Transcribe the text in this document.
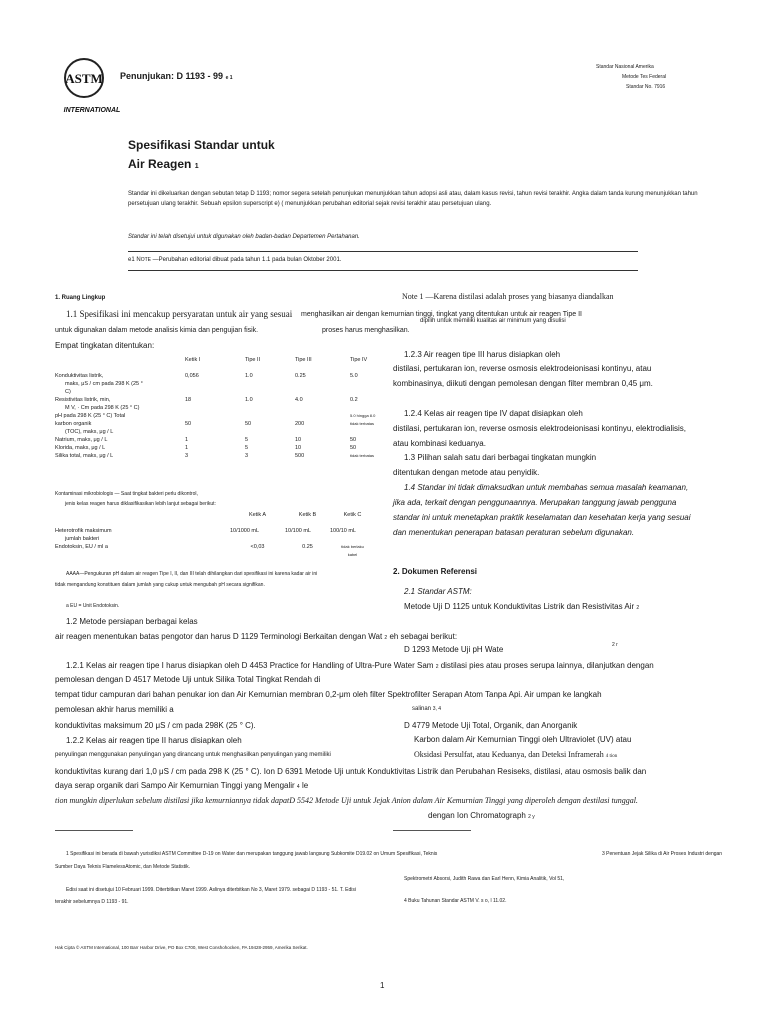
ASTM
INTERNATIONAL
Penunjukan: D 1193 - 99 e 1
Standar Nasional Amerika
Metode Tes Federal
Standar No. 7916
Spesifikasi Standar untuk
Air Reagen 1
Standar ini dikeluarkan dengan sebutan tetap D 1193; nomor segera setelah penunjukan menunjukkan tahun adopsi asli atau, dalam kasus revisi, tahun revisi terakhir. Angka dalam tanda kurung menunjukkan tahun persetujuan ulang terakhir. Sebuah epsilon superscript e) ( menunjukkan perubahan editorial sejak revisi terakhir atau persetujuan ulang.
Standar ini telah disetujui untuk digunakan oleh badan-badan Departemen Pertahanan.
e1 NOTE —Perubahan editorial dibuat pada tahun 1.1 pada bulan Oktober 2001.
1. Ruang Lingkup
1.1 Spesifikasi ini mencakup persyaratan untuk air yang sesuai menghasilkan air dengan kemurnian tinggi, tingkat yang ditentukan untuk air reagen Tipe II
untuk digunakan dalam metode analisis kimia dan pengujian fisik.	proses harus menghasilkan.
Empat tingkatan ditentukan:
	Ketik I	Tipe II	Tipe III	Tipe IV

Konduktivitas listrik,	0,056	1.0	0.25	5.0
maks, μS / cm pada 298 K (25 °				
C)				
Resistivitas listrik, min,	18	1.0	4.0	0.2
M V, · Cm pada 298 K (25 ° C)				
pH pada 298 K (25 ° C) Total				5.0 hingga 8.0
karbon organik	50	50	200	tidak terbatas
(TOC), maks, μg / L				
Natrium, maks, μg / L	1	5	10	50
Klorida, maks, μg / L	1	5	10	50
Silika total, maks, μg / L	3	3	500	tidak terbatas
Kontaminasi mikrobiologis — Saat tingkat bakteri perlu dikontrol,
jenis kelas reagen harus diklasifikasikan lebih lanjut sebagai berikut:
	Ketik A	Ketik B	Ketik C

Heterotrofik maksimum	10/1000 mL	10/100 mL	100/10 mL
jumlah bakteri			
Endotoksin, EU / ml a	<0,03	0.25	tidak berlaku
			kabel
AAAA—Pengukuran pH dalam air reagen Tipe I, II, dan III telah dihilangkan dari spesifikasi ini karena kadar air ini
tidak mengandung konstituen dalam jumlah yang cukup untuk mengubah pH secara signifikan.
a EU = Unit Endotoksin.
1.2 Metode persiapan berbagai kelas
air reagen menentukan batas pengotor dan harus D 1129 Terminologi Berkaitan dengan Wat 2 eh sebagai berikut:
1.2.1 Kelas air reagen tipe I harus disiapkan oleh D 4453 Practice for Handling of Ultra-Pure Water Sam 2 distilasi pies atau proses serupa lainnya, dilanjutkan dengan
pemolesan dengan D 4517 Metode Uji untuk Silika Total Tingkat Rendah di
tempat tidur campuran dari bahan penukar ion dan Air Kemurnian membran 0,2-μm oleh filter Spektrofilter Serapan Atom Tanpa Api. Air umpan ke langkah
pemolesan akhir harus memiliki a
konduktivitas maksimum 20 μS / cm pada 298K (25 ° C).
1.2.2 Kelas air reagen tipe II harus disiapkan oleh
penyulingan menggunakan penyulingan yang dirancang untuk menghasilkan penyulingan yang memiliki
konduktivitas kurang dari 1,0 μS / cm pada 298 K (25 ° C). Ion D 6391 Metode Uji untuk Konduktivitas Listrik dan Perubahan Resiseks, distilasi, atau osmosis balik dan
daya serap organik dari Sampo Air Kemurnian Tinggi yang Mengalir 4 le
tion mungkin diperlukan sebelum distilasi jika kemurniannya tidak dapatD 5542 Metode Uji untuk Jejak Anion dalam Air Kemurnian Tinggi yang diperoleh dengan destilasi tunggal.
dengan Ion Chromatograph 2 y
Note 1 —Karena distilasi adalah proses yang biasanya diandalkan
dipilih untuk memiliki kualitas air minimum yang disulisi
1.2.3 Air reagen tipe III harus disiapkan oleh
distilasi, pertukaran ion, reverse osmosis elektrodeionisasi kontinyu, atau
kombinasinya, diikuti dengan pemolesan dengan filter membran 0,45 μm.
1.2.4 Kelas air reagen tipe IV dapat disiapkan oleh
distilasi, pertukaran ion, reverse osmosis elektrodeionisasi kontinyu, elektrodialisis,
atau kombinasi keduanya.
1.3 Pilihan salah satu dari berbagai tingkatan mungkin
ditentukan dengan metode atau penyidik.
1.4 Standar ini tidak dimaksudkan untuk membahas semua masalah keamanan,
jika ada, terkait dengan penggunaannya. Merupakan tanggung jawab pengguna
standar ini untuk menetapkan praktik keselamatan dan kesehatan kerja yang sesuai
dan menentukan penerapan batasan peraturan sebelum digunakan.
2. Dokumen Referensi
2.1 Standar ASTM:
Metode Uji D 1125 untuk Konduktivitas Listrik dan Resistivitas Air 2
D 1293 Metode Uji pH Wate	2 r
salinan 3, 4
D 4779 Metode Uji Total, Organik, dan Anorganik
Karbon dalam Air Kemurnian Tinggi oleh Ultraviolet (UV) atau
Oksidasi Persulfat, atau Keduanya, dan Deteksi Inframerah 4 tion
1 Spesifikasi ini berada di bawah yurisdiksi ASTM Committee D-19 on Water dan merupakan tanggung jawab langsung Subkomite D19.02 on Umum Spesifikasi, Teknis	3 Penentuan Jejak Silika di Air Proses Industri dengan
Sumber Daya Teknis FlamelessAtomic, dan Metode Statistik.
Spektrometri Absorsi, Judith Rawa dan Earl Henn, Kimia Analitik, Vol 51,
Edisi saat ini disetujui 10 Februari 1999. Diterbitkan Maret 1999. Aslinya diterbitkan No 3, Maret 1979. sebagai D 1193 - 51. T. Edisi
4 Buku Tahunan Standar ASTM V. s o, l 11.02.
terakhir sebelumnya D 1193 - 91.
Hak Cipta © ASTM International, 100 Barr Harbor Drive, PO Box C700, West Conshohocken, PA 19428-2959, Amerika Serikat.
1
